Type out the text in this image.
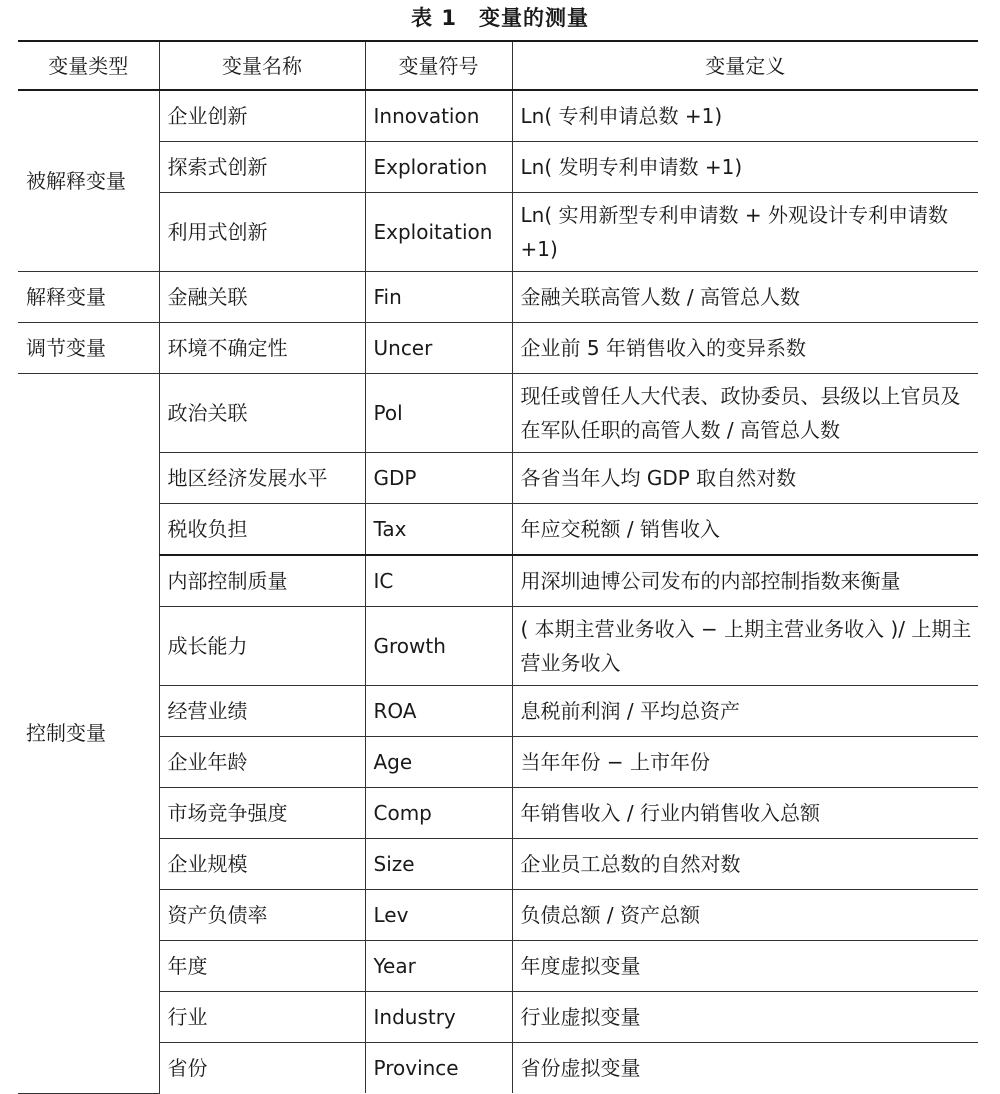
表 1　变量的测量
变量类型	变量名称	变量符号	变量定义
被解释变量	企业创新	Innovation	Ln( 专利申请总数 +1)
	探索式创新	Exploration	Ln( 发明专利申请数 +1)
	利用式创新	Exploitation	Ln( 实用新型专利申请数 + 外观设计专利申请数 +1)
解释变量	金融关联	Fin	金融关联高管人数 / 高管总人数
调节变量	环境不确定性	Uncer	企业前 5 年销售收入的变异系数
控制变量	政治关联	Pol	现任或曾任人大代表、政协委员、县级以上官员及在军队任职的高管人数 / 高管总人数
	地区经济发展水平	GDP	各省当年人均 GDP 取自然对数
	税收负担	Tax	年应交税额 / 销售收入
	内部控制质量	IC	用深圳迪博公司发布的内部控制指数来衡量
	成长能力	Growth	( 本期主营业务收入 − 上期主营业务收入 )/ 上期主营业务收入
	经营业绩	ROA	息税前利润 / 平均总资产
	企业年龄	Age	当年年份 − 上市年份
	市场竞争强度	Comp	年销售收入 / 行业内销售收入总额
	企业规模	Size	企业员工总数的自然对数
	资产负债率	Lev	负债总额 / 资产总额
	年度	Year	年度虚拟变量
	行业	Industry	行业虚拟变量
	省份	Province	省份虚拟变量
